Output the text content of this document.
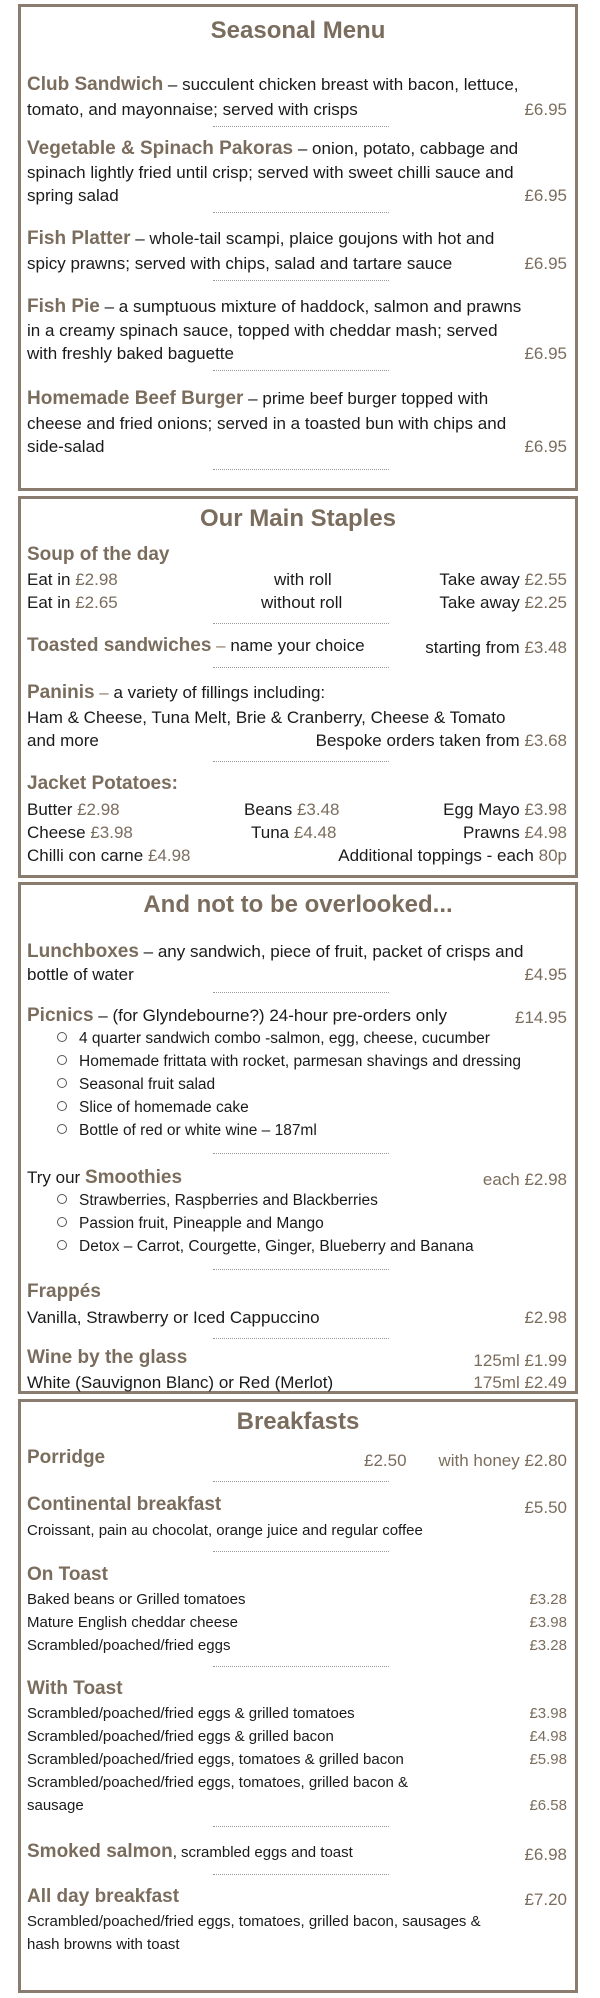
Seasonal Menu
Club Sandwich – succulent chicken breast with bacon, lettuce,
tomato, and mayonnaise; served with crisps	£6.95
Vegetable & Spinach Pakoras – onion, potato, cabbage and
spinach lightly fried until crisp; served with sweet chilli sauce and
spring salad	£6.95
Fish Platter – whole-tail scampi, plaice goujons with hot and
spicy prawns; served with chips, salad and tartare sauce	£6.95
Fish Pie – a sumptuous mixture of haddock, salmon and prawns
in a creamy spinach sauce, topped with cheddar mash; served
with freshly baked baguette	£6.95
Homemade Beef Burger – prime beef burger topped with
cheese and fried onions; served in a toasted bun with chips and
side-salad	£6.95
Our Main Staples
Soup of the day
Eat in £2.98	with roll	Take away £2.55
Eat in £2.65	without roll	Take away £2.25
Toasted sandwiches – name your choice	starting from £3.48
Paninis – a variety of fillings including:
Ham & Cheese, Tuna Melt, Brie & Cranberry, Cheese & Tomato
and more	Bespoke orders taken from £3.68
Jacket Potatoes:
Butter £2.98	Beans £3.48	Egg Mayo £3.98
Cheese £3.98	Tuna £4.48	Prawns £4.98
Chilli con carne £4.98	Additional toppings - each 80p
And not to be overlooked...
Lunchboxes – any sandwich, piece of fruit, packet of crisps and
bottle of water	£4.95
Picnics – (for Glyndebourne?) 24-hour pre-orders only	£14.95
4 quarter sandwich combo -salmon, egg, cheese, cucumber
Homemade frittata with rocket, parmesan shavings and dressing
Seasonal fruit salad
Slice of homemade cake
Bottle of red or white wine – 187ml
Try our Smoothies	each £2.98
Strawberries, Raspberries and Blackberries
Passion fruit, Pineapple and Mango
Detox – Carrot, Courgette, Ginger, Blueberry and Banana
Frappés
Vanilla, Strawberry or Iced Cappuccino	£2.98
Wine by the glass	125ml £1.99
White (Sauvignon Blanc) or Red (Merlot)	175ml £2.49
Breakfasts
Porridge	£2.50 with honey £2.80
Continental breakfast	£5.50
Croissant, pain au chocolat, orange juice and regular coffee
On Toast
Baked beans or Grilled tomatoes	£3.28
Mature English cheddar cheese	£3.98
Scrambled/poached/fried eggs	£3.28
With Toast
Scrambled/poached/fried eggs & grilled tomatoes	£3.98
Scrambled/poached/fried eggs & grilled bacon	£4.98
Scrambled/poached/fried eggs, tomatoes & grilled bacon	£5.98
Scrambled/poached/fried eggs, tomatoes, grilled bacon &
sausage	£6.58
Smoked salmon, scrambled eggs and toast	£6.98
All day breakfast	£7.20
Scrambled/poached/fried eggs, tomatoes, grilled bacon, sausages &
hash browns with toast
